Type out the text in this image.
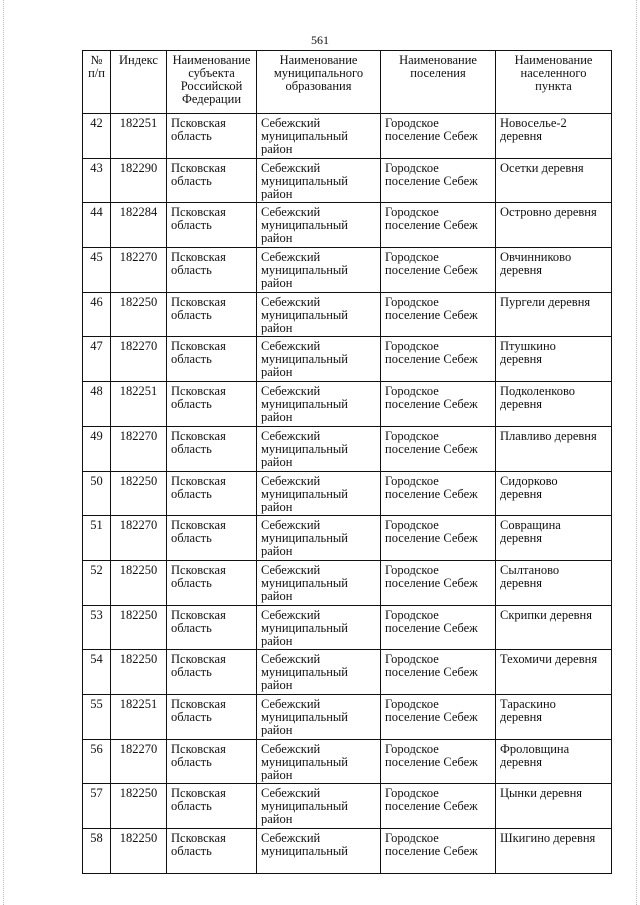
561
№
п/п	Индекс	Наименование
субъекта
Российской
Федерации	Наименование
муниципального
образования	Наименование
поселения	Наименование
населенного
пункта

42	182251	Псковская
область	Себежский
муниципальный
район	Городское
поселение Себеж	Новоселье-2
деревня

43	182290	Псковская
область	Себежский
муниципальный
район	Городское
поселение Себеж	Осетки деревня

44	182284	Псковская
область	Себежский
муниципальный
район	Городское
поселение Себеж	Островно деревня

45	182270	Псковская
область	Себежский
муниципальный
район	Городское
поселение Себеж	Овчинниково
деревня

46	182250	Псковская
область	Себежский
муниципальный
район	Городское
поселение Себеж	Пургели деревня

47	182270	Псковская
область	Себежский
муниципальный
район	Городское
поселение Себеж	Птушкино
деревня

48	182251	Псковская
область	Себежский
муниципальный
район	Городское
поселение Себеж	Подколенково
деревня

49	182270	Псковская
область	Себежский
муниципальный
район	Городское
поселение Себеж	Плавливо деревня

50	182250	Псковская
область	Себежский
муниципальный
район	Городское
поселение Себеж	Сидорково
деревня

51	182270	Псковская
область	Себежский
муниципальный
район	Городское
поселение Себеж	Совращина
деревня

52	182250	Псковская
область	Себежский
муниципальный
район	Городское
поселение Себеж	Сылтаново
деревня

53	182250	Псковская
область	Себежский
муниципальный
район	Городское
поселение Себеж	Скрипки деревня

54	182250	Псковская
область	Себежский
муниципальный
район	Городское
поселение Себеж	Техомичи деревня

55	182251	Псковская
область	Себежский
муниципальный
район	Городское
поселение Себеж	Тараскино
деревня

56	182270	Псковская
область	Себежский
муниципальный
район	Городское
поселение Себеж	Фроловщина
деревня

57	182250	Псковская
область	Себежский
муниципальный
район	Городское
поселение Себеж	Цынки деревня

58	182250	Псковская
область	Себежский
муниципальный	Городское
поселение Себеж	Шкигино деревня
